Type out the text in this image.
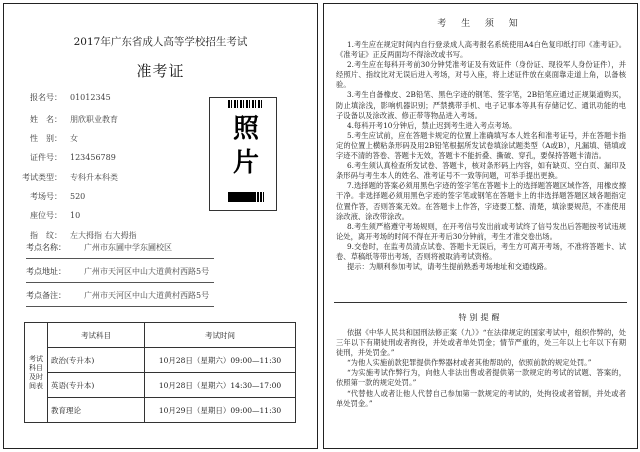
2017年广东省成人高等学校招生考试
准考证
报名号： 01012345
姓　名： 朋欣职业教育
性　别： 女
证件号： 123456789
考试类型： 专科升本科类
考场号： 520
座位号： 10
指　纹： 左大拇指 右大拇指
照片
考点名称： 广州市东圃中学东圃校区
考点地址： 广州市天河区中山大道黄村西路5号
考点备注： 广州市天河区中山大道黄村西路5号
考试科目及时间表	考试科目	考试时间
	政治(专升本)	10月28日（星期六）09:00—11:30
	英语(专升本)	10月28日（星期六）14:30—17:00
	教育理论	10月29日（星期日）09:00—11:30
考 生 须 知

1.考生应在规定时间内自行登录成人高考报名系统使用A4白色复印纸打印《准考证》。《准考证》正反两面均不得涂改或书写。

2.考生应在每科开考前30分钟凭准考证及有效证件（身份证、现役军人身份证件），并经照片、指纹比对无误后进入考场，对号入座，将上述证件放在桌面靠走道上角，以备核验。

3.考生自备橡皮、2B铅笔、黑色字迹的钢笔、签字笔，2B铅笔应通过正规渠道购买，防止填涂浅，影响机器识别；严禁携带手机、电子记事本等具有存储记忆、通讯功能的电子设备以及涂改液、修正带等物品进入考场。

4.每科开考10分钟后，禁止迟到考生进入考点考场。

5.考生应试前，应在答题卡规定的位置上准确填写本人姓名和准考证号，并在答题卡指定的位置上横粘条形码及用2B铅笔根据所发试卷填涂试题类型（A或B），凡漏填、错填或字迹不清的答卷、答题卡无效，答题卡不能折叠、撕破、穿孔，要保持答题卡清洁。

6.考生须认真检查所发试卷、答题卡，核对条形码上内容，如有缺页、空白页、漏印及条形码与考生本人的姓名、准考证号不一致等问题，可举手提出更换。

7.选择题的答案必须用黑色字迹的签字笔在答题卡上的选择题答题区域作答，用橡皮擦干净。非选择题必须用黑色字迹的签字笔或钢笔在答题卡上的非选择题答题区域各题指定位置作答，否则答案无效。在答题卡上作答，字迹要工整、清楚，填涂要规范，不准使用涂改液、涂改带涂改。

8.考生须严格遵守考场规则，在开考信号发出前或考试终了信号发出后答题按考试违规论处，离开考场的时间不得在开考后30分钟前，考生才准交卷出场。

9.交卷时，在监考员清点试卷、答题卡无误后，考生方可离开考场，不准将答题卡、试卷、草稿纸等带出考场，否则将被取消考试资格。

提示：为顺利参加考试，请考生提前熟悉考场地址和交通线路。

特别提醒

依据《中华人民共和国刑法修正案（九）》“在法律规定的国家考试中，组织作弊的，处三年以下有期徒刑或者拘役，并处或者单处罚金；情节严重的，处三年以上七年以下有期徒刑，并处罚金。”

“为他人实施前款犯罪提供作弊器材或者其他帮助的，依照前款的规定处罚。”

“为实施考试作弊行为，向他人非法出售或者提供第一款规定的考试的试题、答案的，依照第一款的规定处罚。”

“代替他人或者让他人代替自己参加第一款规定的考试的，处拘役或者管制，并处或者单处罚金。”
